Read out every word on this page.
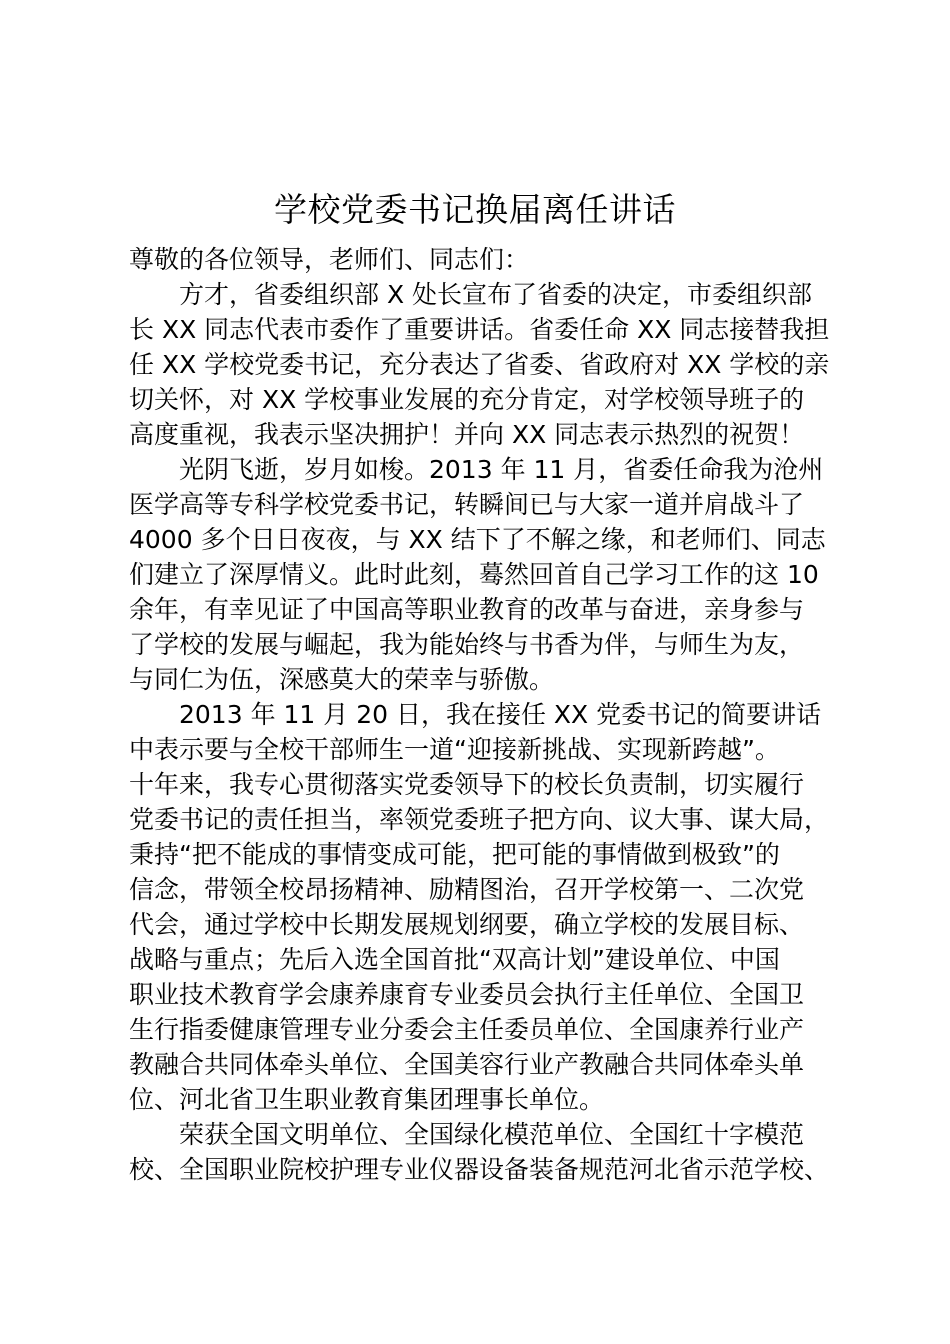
学校党委书记换届离任讲话

尊敬的各位领导，老师们、同志们：

方才，省委组织部 X 处长宣布了省委的决定，市委组织部

长 XX 同志代表市委作了重要讲话。省委任命 XX 同志接替我担

任 XX 学校党委书记，充分表达了省委、省政府对 XX 学校的亲

切关怀，对 XX 学校事业发展的充分肯定，对学校领导班子的

高度重视，我表示坚决拥护！并向 XX 同志表示热烈的祝贺！

光阴飞逝，岁月如梭。2013 年 11 月，省委任命我为沧州

医学高等专科学校党委书记，转瞬间已与大家一道并肩战斗了

4000 多个日日夜夜，与 XX 结下了不解之缘，和老师们、同志

们建立了深厚情义。此时此刻，蓦然回首自己学习工作的这 10

余年，有幸见证了中国高等职业教育的改革与奋进，亲身参与

了学校的发展与崛起，我为能始终与书香为伴，与师生为友，

与同仁为伍，深感莫大的荣幸与骄傲。

2013 年 11 月 20 日，我在接任 XX 党委书记的简要讲话

中表示要与全校干部师生一道“迎接新挑战、实现新跨越”。

十年来，我专心贯彻落实党委领导下的校长负责制，切实履行

党委书记的责任担当，率领党委班子把方向、议大事、谋大局，

秉持“把不能成的事情变成可能，把可能的事情做到极致”的

信念，带领全校昂扬精神、励精图治，召开学校第一、二次党

代会，通过学校中长期发展规划纲要，确立学校的发展目标、

战略与重点；先后入选全国首批“双高计划”建设单位、中国

职业技术教育学会康养康育专业委员会执行主任单位、全国卫

生行指委健康管理专业分委会主任委员单位、全国康养行业产

教融合共同体牵头单位、全国美容行业产教融合共同体牵头单

位、河北省卫生职业教育集团理事长单位。

荣获全国文明单位、全国绿化模范单位、全国红十字模范

校、全国职业院校护理专业仪器设备装备规范河北省示范学校、
